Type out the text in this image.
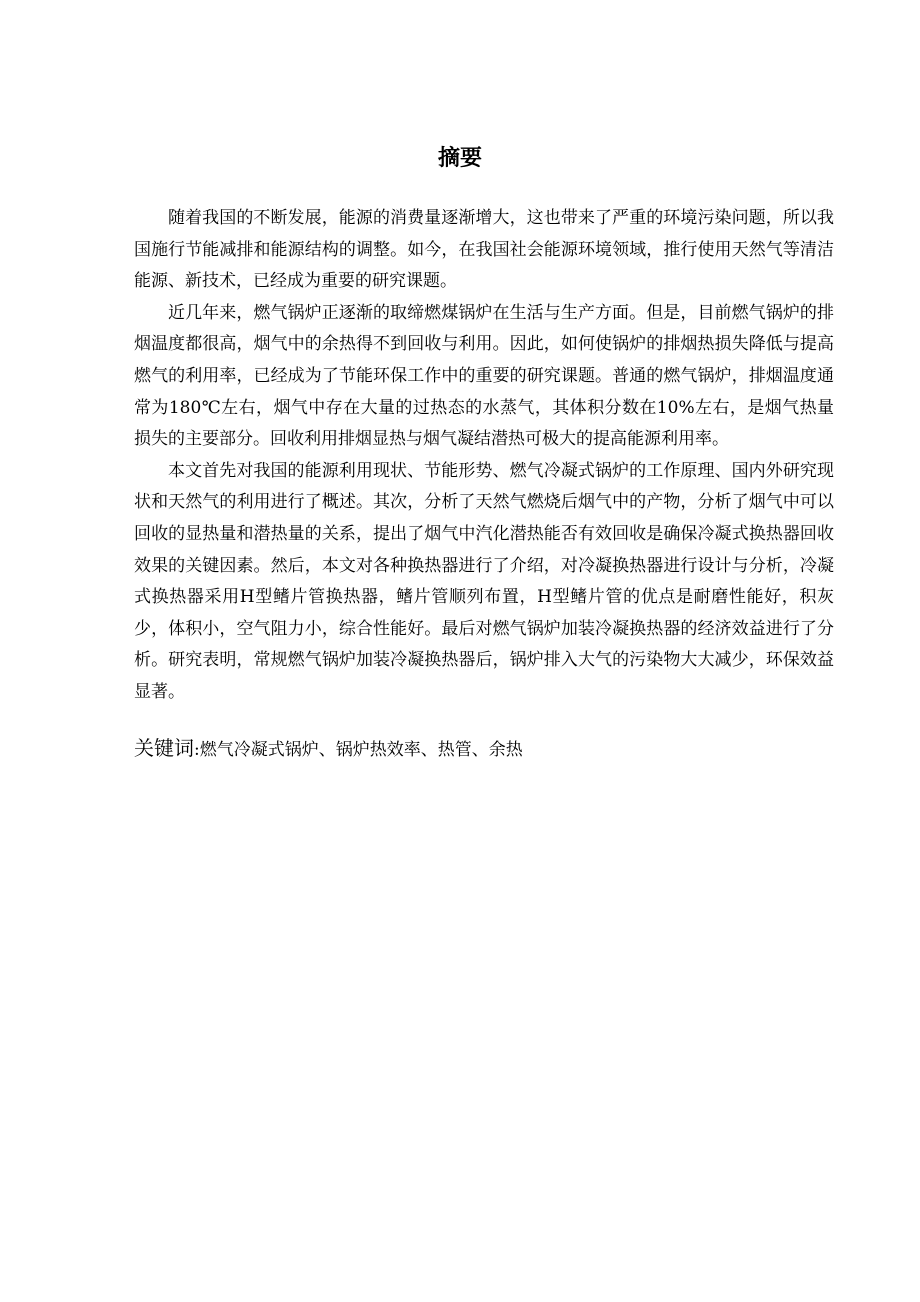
摘要

随着我国的不断发展，能源的消费量逐渐增大，这也带来了严重的环境污染问题，所以我国施行节能减排和能源结构的调整。如今，在我国社会能源环境领域，推行使用天然气等清洁能源、新技术，已经成为重要的研究课题。

近几年来，燃气锅炉正逐渐的取缔燃煤锅炉在生活与生产方面。但是，目前燃气锅炉的排烟温度都很高，烟气中的余热得不到回收与利用。因此，如何使锅炉的排烟热损失降低与提高燃气的利用率，已经成为了节能环保工作中的重要的研究课题。普通的燃气锅炉，排烟温度通常为180℃左右，烟气中存在大量的过热态的水蒸气，其体积分数在10%左右，是烟气热量损失的主要部分。回收利用排烟显热与烟气凝结潜热可极大的提高能源利用率。

本文首先对我国的能源利用现状、节能形势、燃气冷凝式锅炉的工作原理、国内外研究现状和天然气的利用进行了概述。其次，分析了天然气燃烧后烟气中的产物，分析了烟气中可以回收的显热量和潜热量的关系，提出了烟气中汽化潜热能否有效回收是确保冷凝式换热器回收效果的关键因素。然后，本文对各种换热器进行了介绍，对冷凝换热器进行设计与分析，冷凝式换热器采用H型鳍片管换热器，鳍片管顺列布置，H型鳍片管的优点是耐磨性能好，积灰少，体积小，空气阻力小，综合性能好。最后对燃气锅炉加装冷凝换热器的经济效益进行了分析。研究表明，常规燃气锅炉加装冷凝换热器后，锅炉排入大气的污染物大大减少，环保效益显著。

关键词:燃气冷凝式锅炉、锅炉热效率、热管、余热
